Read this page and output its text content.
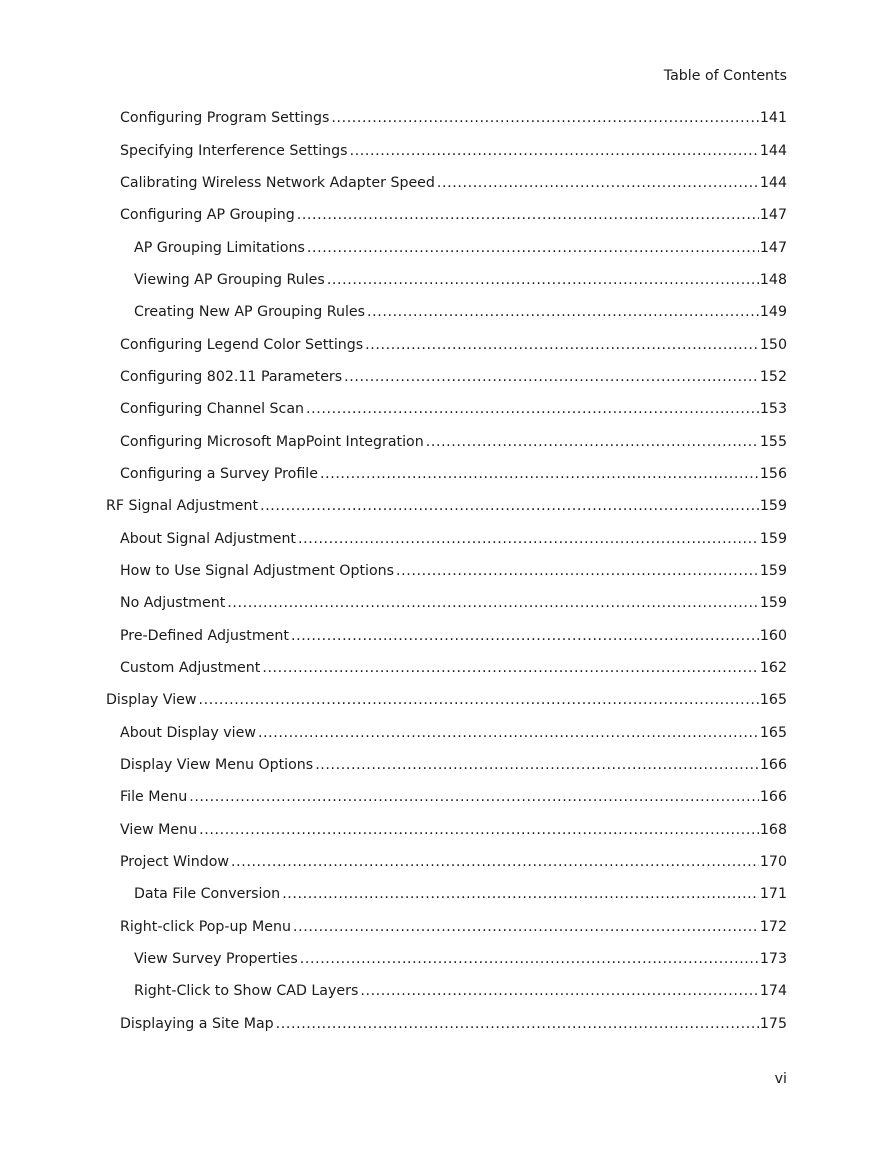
Table of Contents
Configuring Program Settings .....	141
Specifying Interference Settings .....	144
Calibrating Wireless Network Adapter Speed .....	144
Configuring AP Grouping .....	147
AP Grouping Limitations .....	147
Viewing AP Grouping Rules .....	148
Creating New AP Grouping Rules .....	149
Configuring Legend Color Settings .....	150
Configuring 802.11 Parameters .....	152
Configuring Channel Scan .....	153
Configuring Microsoft MapPoint Integration .....	155
Configuring a Survey Profile .....	156
RF Signal Adjustment .....	159
About Signal Adjustment .....	159
How to Use Signal Adjustment Options .....	159
No Adjustment .....	159
Pre-Defined Adjustment .....	160
Custom Adjustment .....	162
Display View .....	165
About Display view .....	165
Display View Menu Options .....	166
File Menu .....	166
View Menu .....	168
Project Window .....	170
Data File Conversion .....	171
Right-click Pop-up Menu .....	172
View Survey Properties .....	173
Right-Click to Show CAD Layers .....	174
Displaying a Site Map .....	175
vi
